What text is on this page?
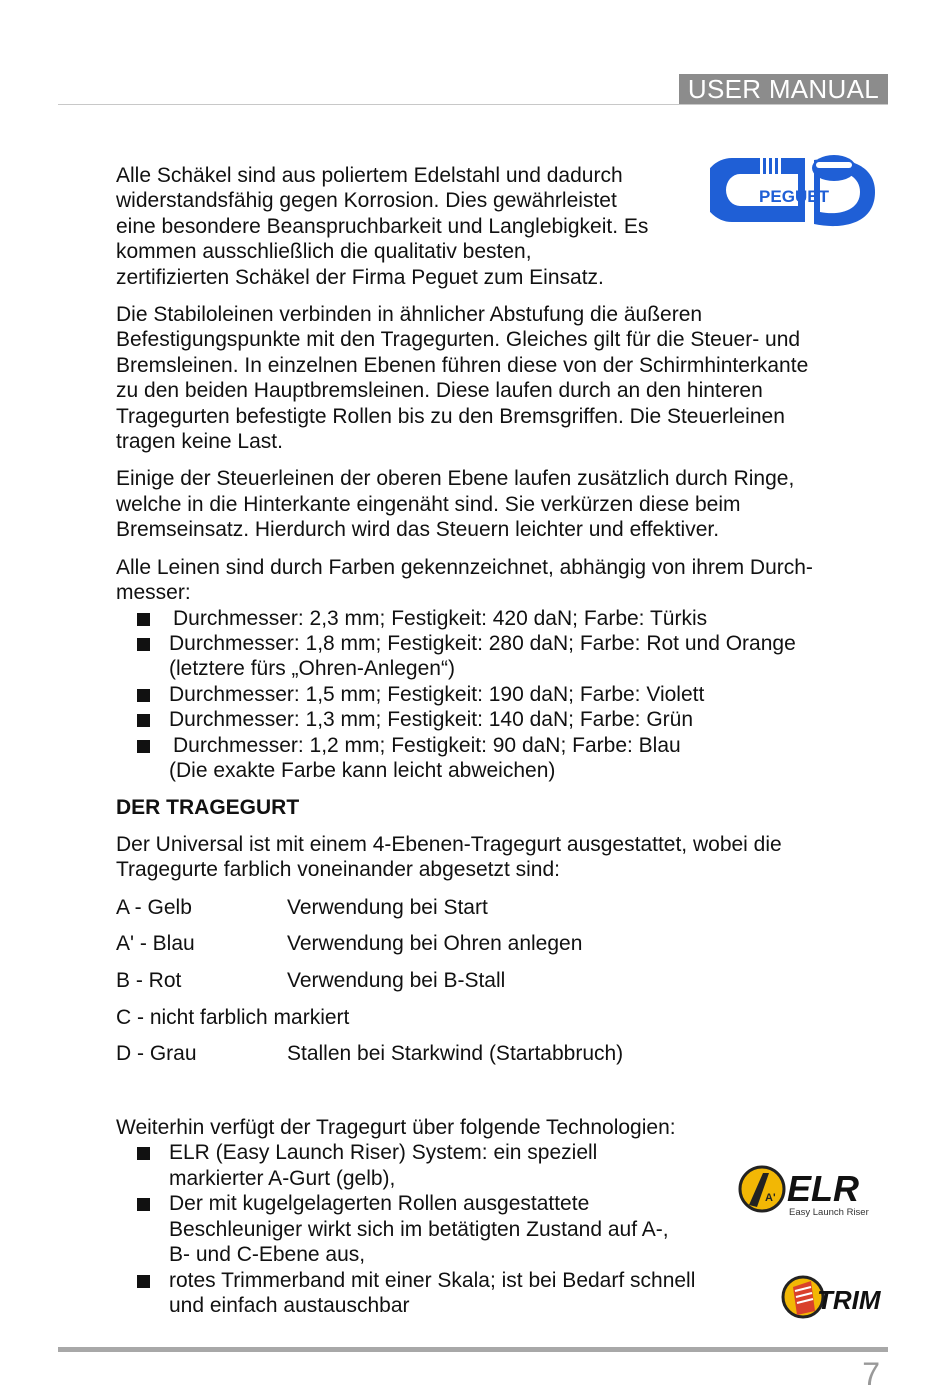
USER MANUAL
PEGUET
A' ELR
Easy Launch Riser
TRIM

Alle Schäkel sind aus poliertem Edelstahl und dadurch
widerstandsfähig gegen Korrosion. Dies gewährleistet
eine besondere Beanspruchbarkeit und Langlebigkeit. Es
kommen ausschließlich die qualitativ besten,
zertifizierten Schäkel der Firma Peguet zum Einsatz.

Die Stabiloleinen verbinden in ähnlicher Abstufung die äußeren
Befestigungspunkte mit den Tragegurten. Gleiches gilt für die Steuer- und
Bremsleinen. In einzelnen Ebenen führen diese von der Schirmhinterkante
zu den beiden Hauptbremsleinen. Diese laufen durch an den hinteren
Tragegurten befestigte Rollen bis zu den Bremsgriffen. Die Steuerleinen
tragen keine Last.

Einige der Steuerleinen der oberen Ebene laufen zusätzlich durch Ringe,
welche in die Hinterkante eingenäht sind. Sie verkürzen diese beim
Bremseinsatz. Hierdurch wird das Steuern leichter und effektiver.

Alle Leinen sind durch Farben gekennzeichnet, abhängig von ihrem Durch-
messer:

Durchmesser: 2,3 mm; Festigkeit: 420 daN; Farbe: Türkis
Durchmesser: 1,8 mm; Festigkeit: 280 daN; Farbe: Rot und Orange
(letztere fürs „Ohren-Anlegen“)
Durchmesser: 1,5 mm; Festigkeit: 190 daN; Farbe: Violett
Durchmesser: 1,3 mm; Festigkeit: 140 daN; Farbe: Grün
Durchmesser: 1,2 mm; Festigkeit: 90 daN; Farbe: Blau
(Die exakte Farbe kann leicht abweichen)
DER TRAGEGURT

Der Universal ist mit einem 4-Ebenen-Tragegurt ausgestattet, wobei die
Tragegurte farblich voneinander abgesetzt sind:

A - Gelb	Verwendung bei Start
A' - Blau	Verwendung bei Ohren anlegen
B - Rot	Verwendung bei B-Stall
C - nicht farblich markiert
D - Grau	Stallen bei Starkwind (Startabbruch)
Weiterhin verfügt der Tragegurt über folgende Technologien:
ELR (Easy Launch Riser) System: ein speziell
markierter A-Gurt (gelb),
Der mit kugelgelagerten Rollen ausgestattete
Beschleuniger wirkt sich im betätigten Zustand auf A-,
B- und C-Ebene aus,
rotes Trimmerband mit einer Skala; ist bei Bedarf schnell
und einfach austauschbar
7
